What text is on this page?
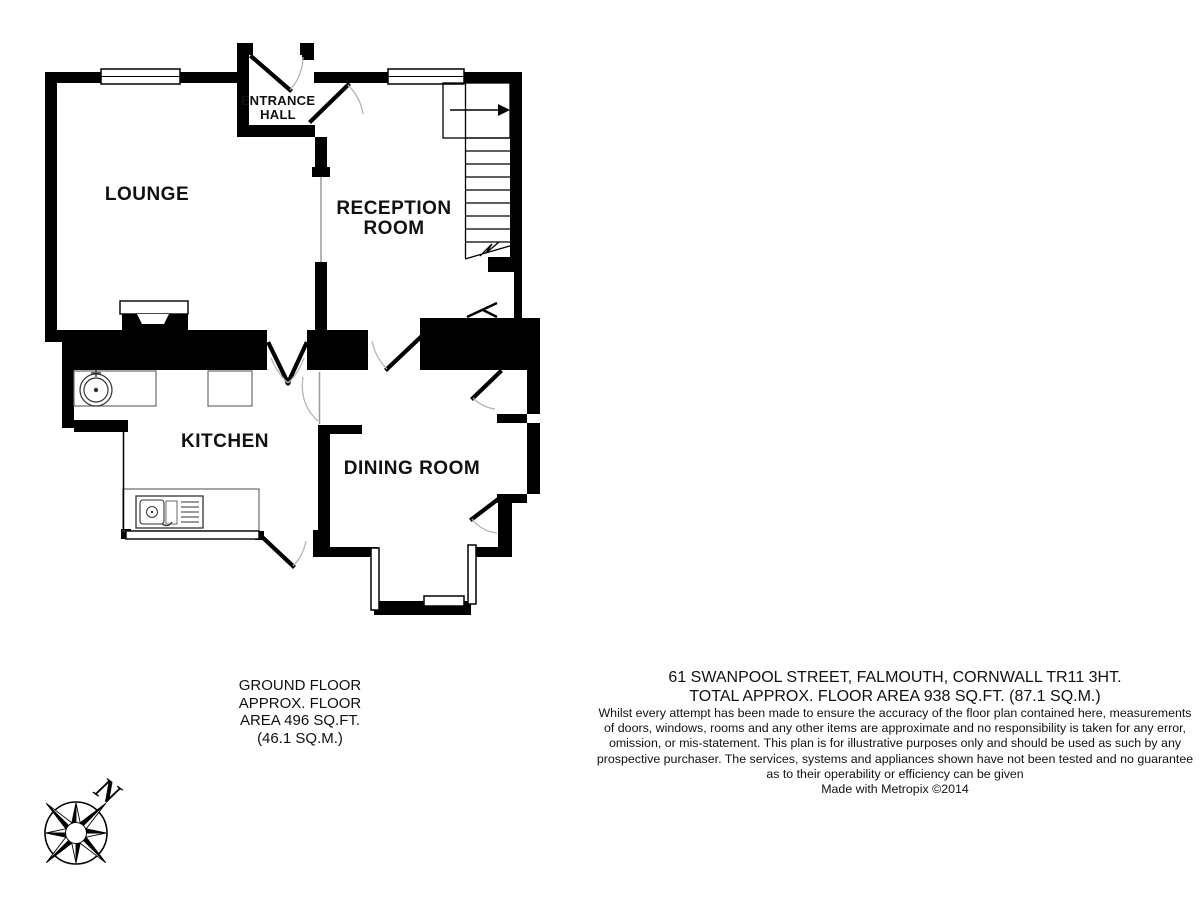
LOUNGE
ENTRANCE
HALL
RECEPTION
ROOM
KITCHEN
DINING ROOM
N
GROUND FLOOR
APPROX. FLOOR
AREA 496 SQ.FT.
(46.1 SQ.M.)
61 SWANPOOL STREET, FALMOUTH, CORNWALL TR11 3HT.
TOTAL APPROX. FLOOR AREA 938 SQ.FT. (87.1 SQ.M.)
Whilst every attempt has been made to ensure the accuracy of the floor plan contained here, measurements
of doors, windows, rooms and any other items are approximate and no responsibility is taken for any error,
omission, or mis-statement. This plan is for illustrative purposes only and should be used as such by any
prospective purchaser. The services, systems and appliances shown have not been tested and no guarantee
as to their operability or efficiency can be given
Made with Metropix ©2014
